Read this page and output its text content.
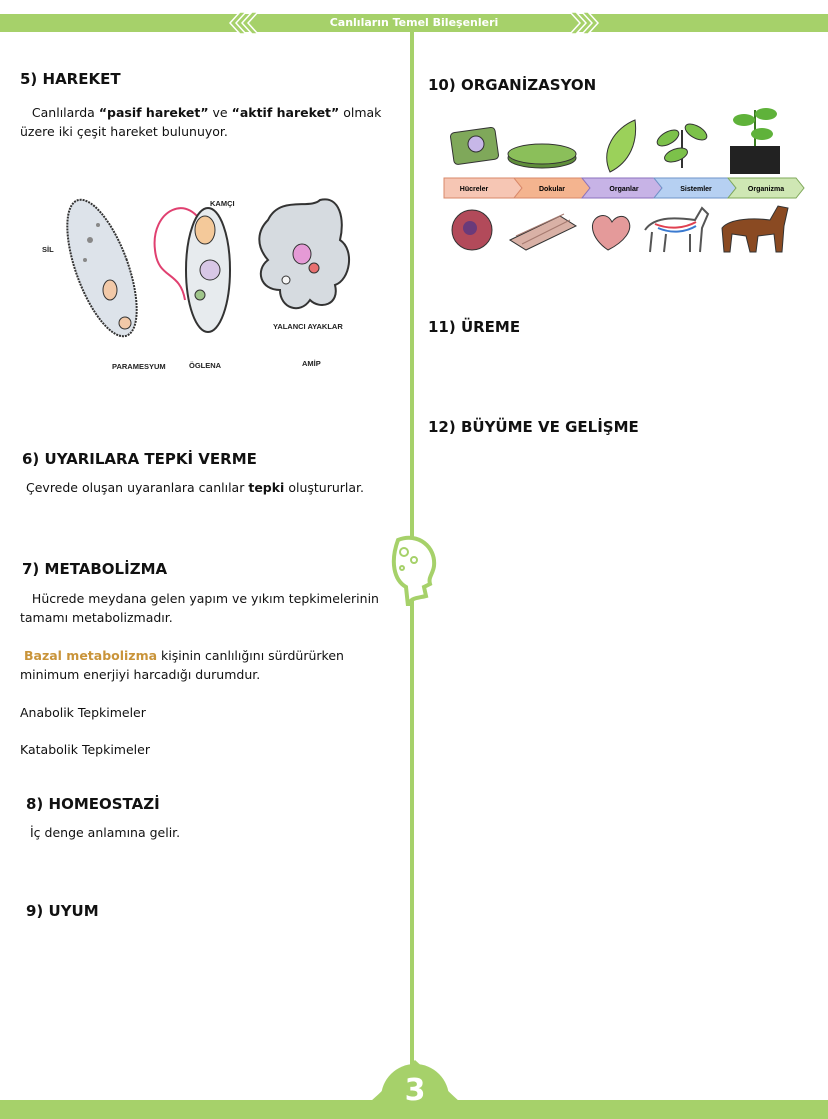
Canlıların Temel Bileşenleri
5) HAREKET

Canlılarda “pasif hareket” ve “aktif hareket” olmak
üzere iki çeşit hareket bulunuyor.

SİL
KAMÇI
YALANCI AYAKLAR
PARAMESYUM	ÖGLENA	AMİP
6) UYARILARA TEPKİ VERME

Çevrede oluşan uyaranlara canlılar tepki oluştururlar.

7) METABOLİZMA

Hücrede meydana gelen yapım ve yıkım tepkimelerinin
tamamı metabolizmadır.

Bazal metabolizma kişinin canlılığını sürdürürken
minimum enerjiyi harcadığı durumdur.

Anabolik Tepkimeler

Katabolik Tepkimeler

8) HOMEOSTAZİ

İç denge anlamına gelir.

9) UYUM
10) ORGANİZASYON
Hücreler	Dokular	Organlar	Sistemler	Organizma
11) ÜREME
12) BÜYÜME VE GELİŞME
3
